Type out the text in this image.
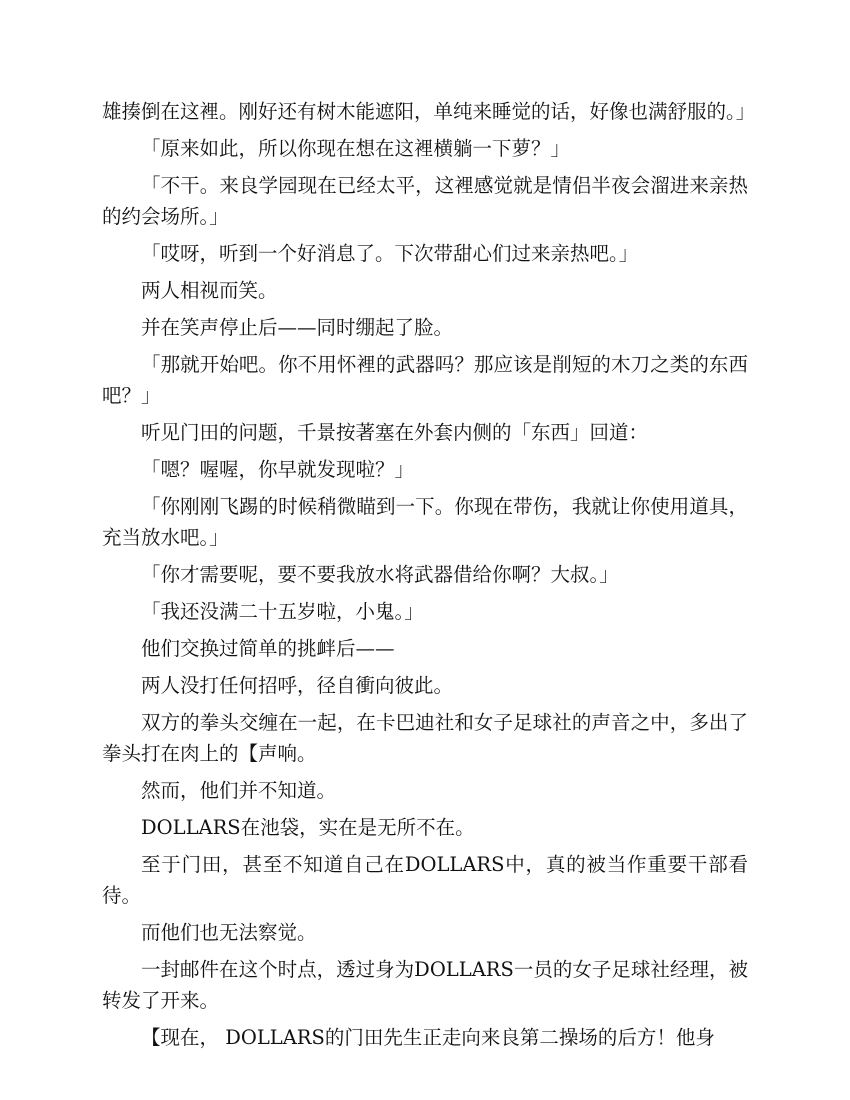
雄揍倒在这裡。刚好还有树木能遮阳，单纯来睡觉的话，好像也满舒服的。」

「原来如此，所以你现在想在这裡横躺一下萝？」

「不干。来良学园现在已经太平，这裡感觉就是情侣半夜会溜进来亲热的约会场所。」

「哎呀，听到一个好消息了。下次带甜心们过来亲热吧。」

两人相视而笑。

并在笑声停止后——同时绷起了脸。

「那就开始吧。你不用怀裡的武器吗？那应该是削短的木刀之类的东西吧？」

听见门田的问题，千景按著塞在外套内侧的「东西」回道：

「嗯？喔喔，你早就发现啦？」

「你刚刚飞踢的时候稍微瞄到一下。你现在带伤，我就让你使用道具，充当放水吧。」

「你才需要呢，要不要我放水将武器借给你啊？大叔。」

「我还没满二十五岁啦，小鬼。」

他们交换过简单的挑衅后——

两人没打任何招呼，径自衝向彼此。

双方的拳头交缠在一起，在卡巴迪社和女子足球社的声音之中，多出了拳头打在肉上的【声响。

然而，他们并不知道。

DOLLARS在池袋，实在是无所不在。

至于门田，甚至不知道自己在DOLLARS中，真的被当作重要干部看待。

而他们也无法察觉。

一封邮件在这个时点，透过身为DOLLARS一员的女子足球社经理，被转发了开来。

【现在， DOLLARS的门田先生正走向来良第二操场的后方！他身
